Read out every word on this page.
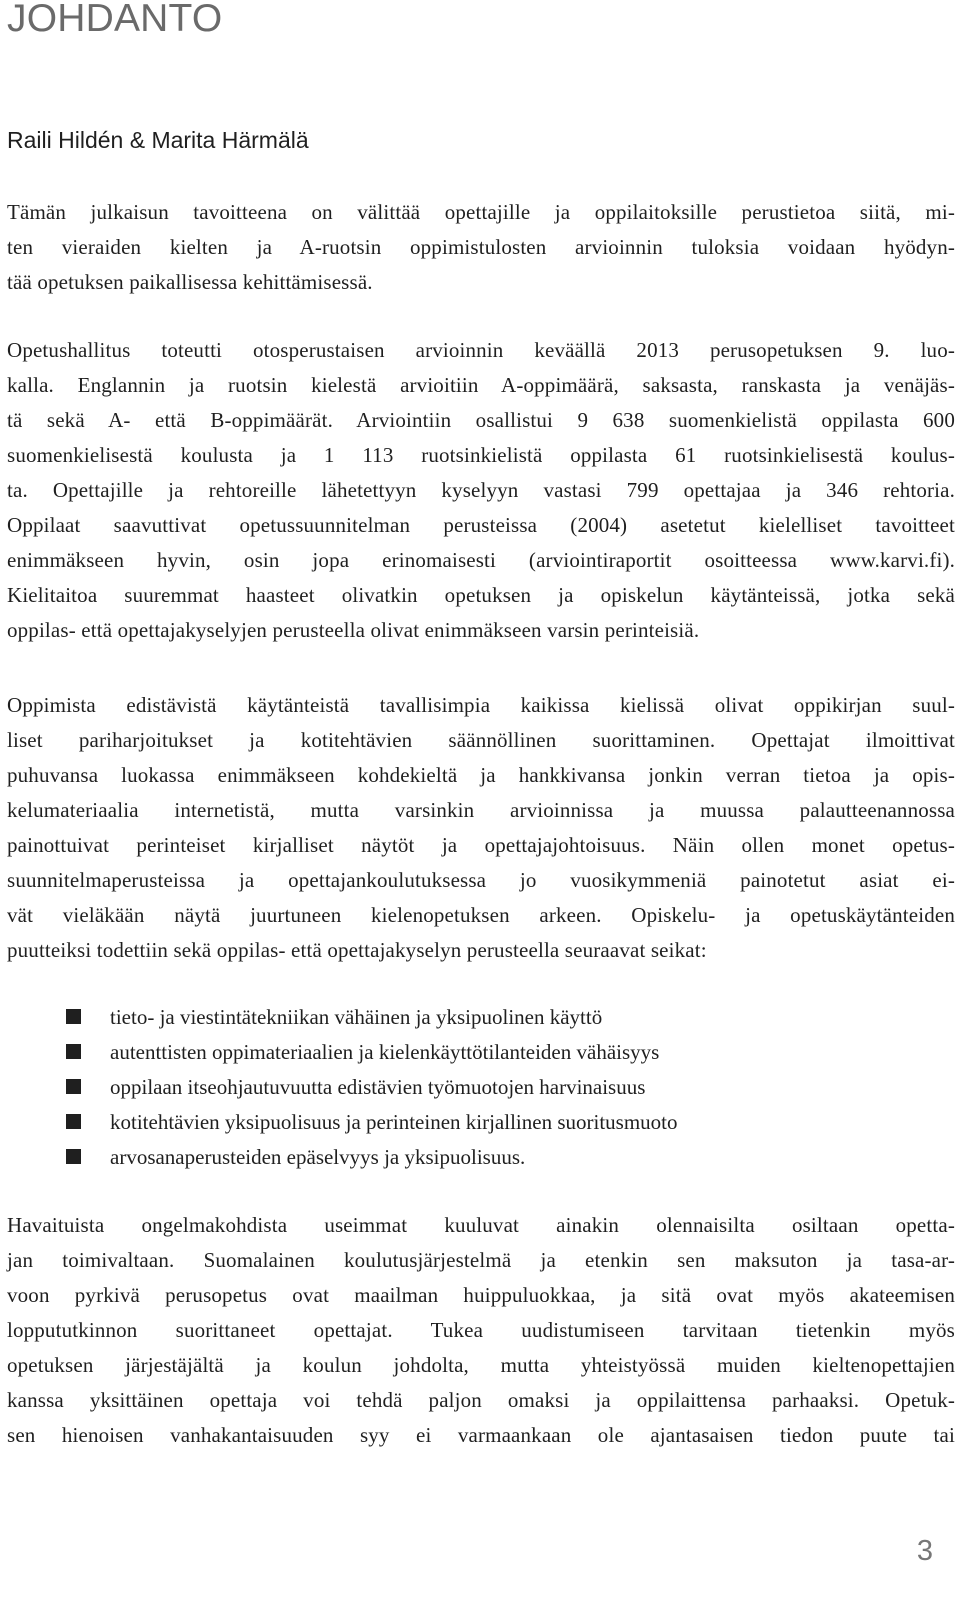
JOHDANTO

Raili Hildén & Marita Härmälä

Tämän julkaisun tavoitteena on välittää opettajille ja oppilaitoksille perustietoa siitä, mi-
ten vieraiden kielten ja A-ruotsin oppimistulosten arvioinnin tuloksia voidaan hyödyn-
tää opetuksen paikallisessa kehittämisessä.

Opetushallitus toteutti otosperustaisen arvioinnin keväällä 2013 perusopetuksen 9. luo-
kalla. Englannin ja ruotsin kielestä arvioitiin A-oppimäärä, saksasta, ranskasta ja venäjäs-
tä sekä A- että B-oppimäärät. Arviointiin osallistui 9 638 suomenkielistä oppilasta 600
suomenkielisestä koulusta ja 1 113 ruotsinkielistä oppilasta 61 ruotsinkielisestä koulus-
ta. Opettajille ja rehtoreille lähetettyyn kyselyyn vastasi 799 opettajaa ja 346 rehtoria.
Oppilaat saavuttivat opetussuunnitelman perusteissa (2004) asetetut kielelliset tavoitteet
enimmäkseen hyvin, osin jopa erinomaisesti (arviointiraportit osoitteessa www.karvi.fi).
Kielitaitoa suuremmat haasteet olivatkin opetuksen ja opiskelun käytänteissä, jotka sekä
oppilas- että opettajakyselyjen perusteella olivat enimmäkseen varsin perinteisiä.

Oppimista edistävistä käytänteistä tavallisimpia kaikissa kielissä olivat oppikirjan suul-
liset pariharjoitukset ja kotitehtävien säännöllinen suorittaminen. Opettajat ilmoittivat
puhuvansa luokassa enimmäkseen kohdekieltä ja hankkivansa jonkin verran tietoa ja opis-
kelumateriaalia internetistä, mutta varsinkin arvioinnissa ja muussa palautteenannossa
painottuivat perinteiset kirjalliset näytöt ja opettajajohtoisuus. Näin ollen monet opetus-
suunnitelmaperusteissa ja opettajankoulutuksessa jo vuosikymmeniä painotetut asiat ei-
vät vieläkään näytä juurtuneen kielenopetuksen arkeen. Opiskelu- ja opetuskäytänteiden
puutteiksi todettiin sekä oppilas- että opettajakyselyn perusteella seuraavat seikat:

tieto- ja viestintätekniikan vähäinen ja yksipuolinen käyttö
autenttisten oppimateriaalien ja kielenkäyttötilanteiden vähäisyys
oppilaan itseohjautuvuutta edistävien työmuotojen harvinaisuus
kotitehtävien yksipuolisuus ja perinteinen kirjallinen suoritusmuoto
arvosanaperusteiden epäselvyys ja yksipuolisuus.

Havaituista ongelmakohdista useimmat kuuluvat ainakin olennaisilta osiltaan opetta-
jan toimivaltaan. Suomalainen koulutusjärjestelmä ja etenkin sen maksuton ja tasa-ar-
voon pyrkivä perusopetus ovat maailman huippuluokkaa, ja sitä ovat myös akateemisen
loppututkinnon suorittaneet opettajat. Tukea uudistumiseen tarvitaan tietenkin myös
opetuksen järjestäjältä ja koulun johdolta, mutta yhteistyössä muiden kieltenopettajien
kanssa yksittäinen opettaja voi tehdä paljon omaksi ja oppilaittensa parhaaksi. Opetuk-
sen hienoisen vanhakantaisuuden syy ei varmaankaan ole ajantasaisen tiedon puute tai

3
